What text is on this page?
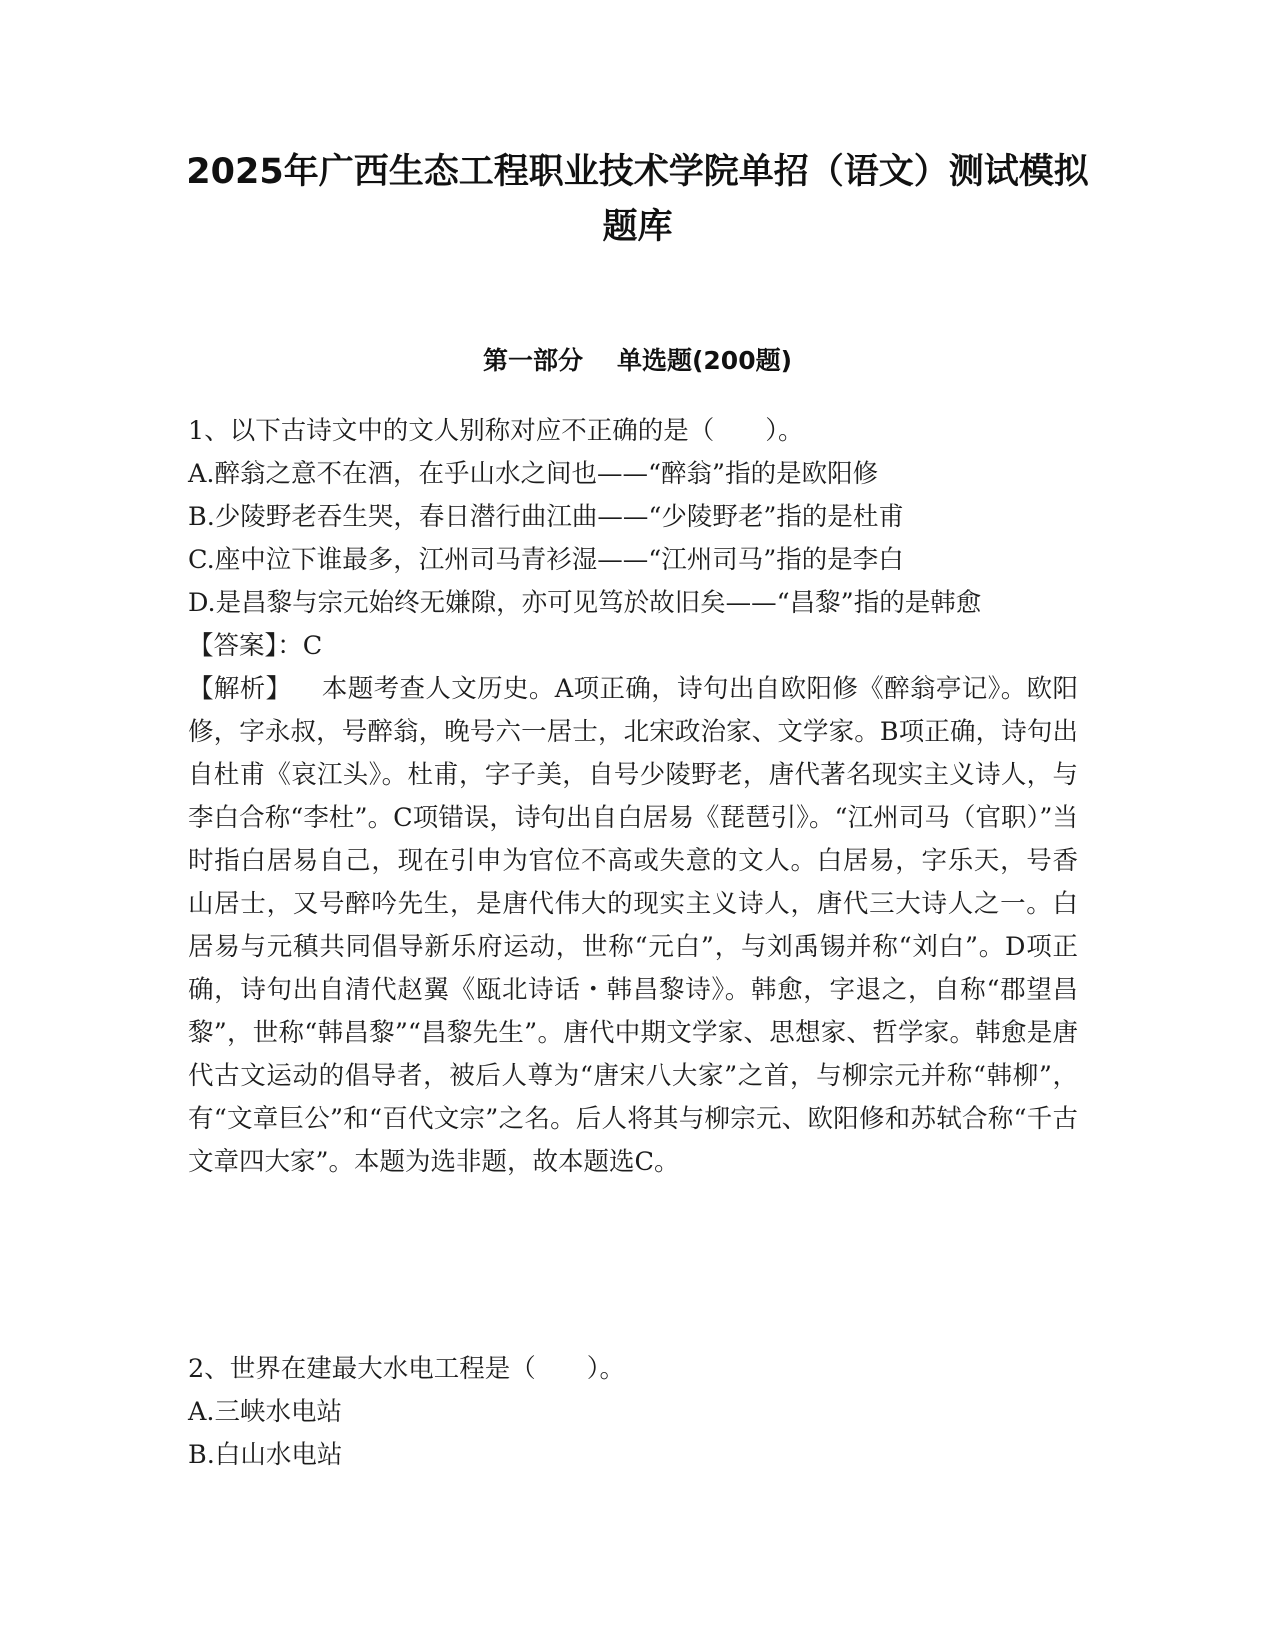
2025年广西生态工程职业技术学院单招（语文）测试模拟题库
第一部分 单选题(200题)

1、以下古诗文中的文人别称对应不正确的是（　　）。

A.醉翁之意不在酒，在乎山水之间也——“醉翁”指的是欧阳修

B.少陵野老吞生哭，春日潜行曲江曲——“少陵野老”指的是杜甫

C.座中泣下谁最多，江州司马青衫湿——“江州司马”指的是李白

D.是昌黎与宗元始终无嫌隙，亦可见笃於故旧矣——“昌黎”指的是韩愈

【答案】：C

【解析】 本题考查人文历史。A项正确，诗句出自欧阳修《醉翁亭记》。欧阳修，字永叔，号醉翁，晚号六一居士，北宋政治家、文学家。B项正确，诗句出自杜甫《哀江头》。杜甫，字子美，自号少陵野老，唐代著名现实主义诗人，与李白合称“李杜”。C项错误，诗句出自白居易《琵琶引》。“江州司马（官职）”当时指白居易自己，现在引申为官位不高或失意的文人。白居易，字乐天，号香山居士，又号醉吟先生，是唐代伟大的现实主义诗人，唐代三大诗人之一。白居易与元稹共同倡导新乐府运动，世称“元白”，与刘禹锡并称“刘白”。D项正确，诗句出自清代赵翼《瓯北诗话・韩昌黎诗》。韩愈，字退之，自称“郡望昌黎”，世称“韩昌黎”“昌黎先生”。唐代中期文学家、思想家、哲学家。韩愈是唐代古文运动的倡导者，被后人尊为“唐宋八大家”之首，与柳宗元并称“韩柳”，有“文章巨公”和“百代文宗”之名。后人将其与柳宗元、欧阳修和苏轼合称“千古文章四大家”。本题为选非题，故本题选C。

2、世界在建最大水电工程是（　　）。

A.三峡水电站

B.白山水电站
